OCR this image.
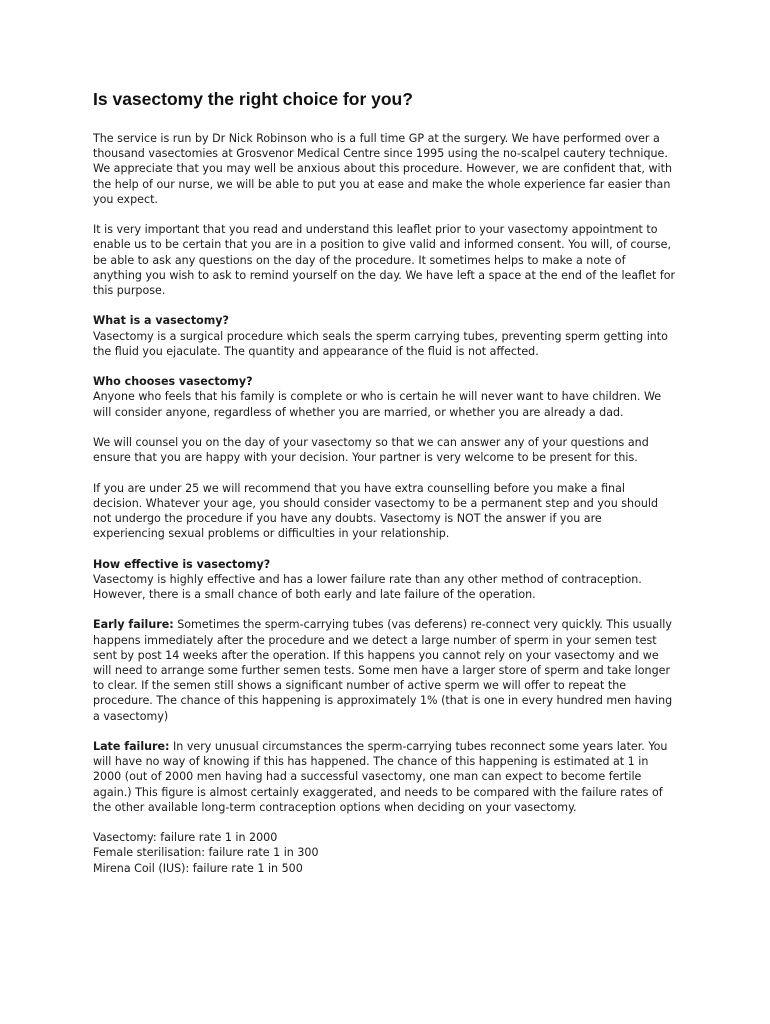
Is vasectomy the right choice for you?

The service is run by Dr Nick Robinson who is a full time GP at the surgery. We have performed over a thousand vasectomies at Grosvenor Medical Centre since 1995 using the no-scalpel cautery technique. We appreciate that you may well be anxious about this procedure. However, we are confident that, with the help of our nurse, we will be able to put you at ease and make the whole experience far easier than you expect.

It is very important that you read and understand this leaflet prior to your vasectomy appointment to enable us to be certain that you are in a position to give valid and informed consent. You will, of course, be able to ask any questions on the day of the procedure. It sometimes helps to make a note of anything you wish to ask to remind yourself on the day. We have left a space at the end of the leaflet for this purpose.

What is a vasectomy?
Vasectomy is a surgical procedure which seals the sperm carrying tubes, preventing sperm getting into the fluid you ejaculate. The quantity and appearance of the fluid is not affected.
Who chooses vasectomy?
Anyone who feels that his family is complete or who is certain he will never want to have children. We will consider anyone, regardless of whether you are married, or whether you are already a dad.

We will counsel you on the day of your vasectomy so that we can answer any of your questions and ensure that you are happy with your decision. Your partner is very welcome to be present for this.

If you are under 25 we will recommend that you have extra counselling before you make a final decision. Whatever your age, you should consider vasectomy to be a permanent step and you should not undergo the procedure if you have any doubts. Vasectomy is NOT the answer if you are experiencing sexual problems or difficulties in your relationship.

How effective is vasectomy?
Vasectomy is highly effective and has a lower failure rate than any other method of contraception. However, there is a small chance of both early and late failure of the operation.

Early failure: Sometimes the sperm-carrying tubes (vas deferens) re-connect very quickly. This usually happens immediately after the procedure and we detect a large number of sperm in your semen test sent by post 14 weeks after the operation. If this happens you cannot rely on your vasectomy and we will need to arrange some further semen tests. Some men have a larger store of sperm and take longer to clear. If the semen still shows a significant number of active sperm we will offer to repeat the procedure. The chance of this happening is approximately 1% (that is one in every hundred men having a vasectomy)

Late failure: In very unusual circumstances the sperm-carrying tubes reconnect some years later. You will have no way of knowing if this has happened. The chance of this happening is estimated at 1 in 2000 (out of 2000 men having had a successful vasectomy, one man can expect to become fertile again.) This figure is almost certainly exaggerated, and needs to be compared with the failure rates of the other available long-term contraception options when deciding on your vasectomy.

Vasectomy: failure rate 1 in 2000
Female sterilisation: failure rate 1 in 300
Mirena Coil (IUS): failure rate 1 in 500
